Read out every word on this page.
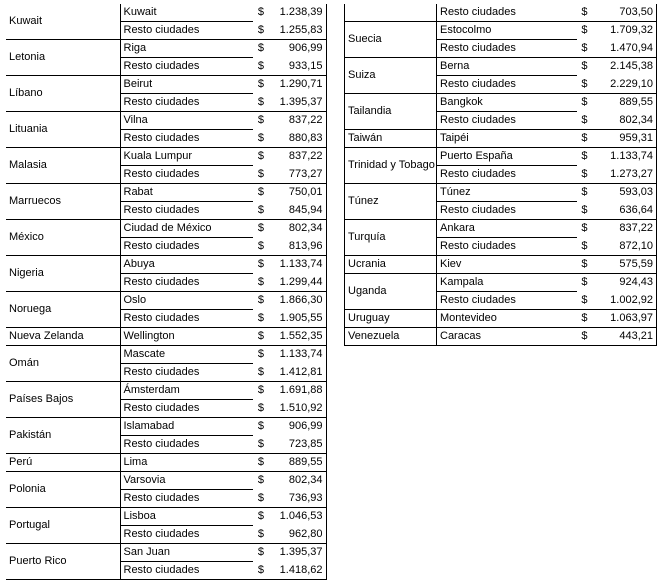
Kuwait	Kuwait	$	1.238,39
	Resto ciudades	$	1.255,83
Letonia	Riga	$	906,99
	Resto ciudades	$	933,15
Líbano	Beirut	$	1.290,71
	Resto ciudades	$	1.395,37
Lituania	Vilna	$	837,22
	Resto ciudades	$	880,83
Malasia	Kuala Lumpur	$	837,22
	Resto ciudades	$	773,27
Marruecos	Rabat	$	750,01
	Resto ciudades	$	845,94
México	Ciudad de México	$	802,34
	Resto ciudades	$	813,96
Nigeria	Abuya	$	1.133,74
	Resto ciudades	$	1.299,44
Noruega	Oslo	$	1.866,30
	Resto ciudades	$	1.905,55
Nueva Zelanda	Wellington	$	1.552,35
Omán	Mascate	$	1.133,74
	Resto ciudades	$	1.412,81
Países Bajos	Ámsterdam	$	1.691,88
	Resto ciudades	$	1.510,92
Pakistán	Islamabad	$	906,99
	Resto ciudades	$	723,85
Perú	Lima	$	889,55
Polonia	Varsovia	$	802,34
	Resto ciudades	$	736,93
Portugal	Lisboa	$	1.046,53
	Resto ciudades	$	962,80
Puerto Rico	San Juan	$	1.395,37
	Resto ciudades	$	1.418,62
	Resto ciudades	$	703,50
Suecia	Estocolmo	$	1.709,32
	Resto ciudades	$	1.470,94
Suiza	Berna	$	2.145,38
	Resto ciudades	$	2.229,10
Tailandia	Bangkok	$	889,55
	Resto ciudades	$	802,34
Taiwán	Taipéi	$	959,31
Trinidad y Tobago	Puerto España	$	1.133,74
	Resto ciudades	$	1.273,27
Túnez	Túnez	$	593,03
	Resto ciudades	$	636,64
Turquía	Ankara	$	837,22
	Resto ciudades	$	872,10
Ucrania	Kiev	$	575,59
Uganda	Kampala	$	924,43
	Resto ciudades	$	1.002,92
Uruguay	Montevideo	$	1.063,97
Venezuela	Caracas	$	443,21
